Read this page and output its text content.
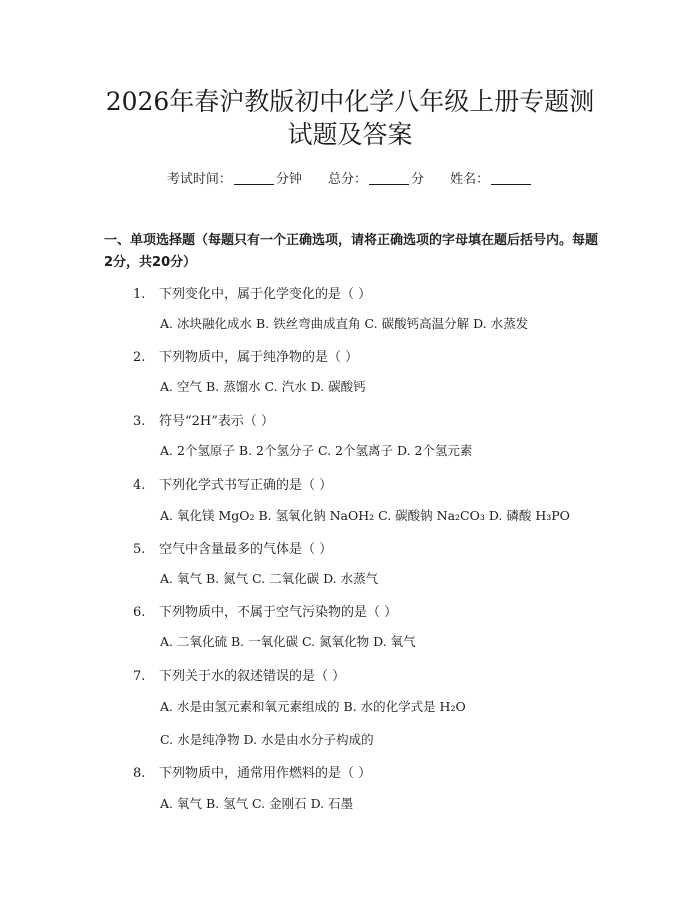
2026年春沪教版初中化学八年级上册专题测
试题及答案
考试时间：	分钟 总分：	分 姓名：
一、单项选择题（每题只有一个正确选项，请将正确选项的字母填在题后括号内。每题2分，共20分）
1. 下列变化中，属于化学变化的是（ ）
A. 冰块融化成水 B. 铁丝弯曲成直角 C. 碳酸钙高温分解 D. 水蒸发
2. 下列物质中，属于纯净物的是（ ）
A. 空气 B. 蒸馏水 C. 汽水 D. 碳酸钙
3. 符号“2H”表示（ ）
A. 2个氢原子 B. 2个氢分子 C. 2个氢离子 D. 2个氢元素
4. 下列化学式书写正确的是（ ）
A. 氧化镁 MgO₂ B. 氢氧化钠 NaOH₂ C. 碳酸钠 Na₂CO₃ D. 磷酸 H₃PO
5. 空气中含量最多的气体是（ ）
A. 氧气 B. 氮气 C. 二氧化碳 D. 水蒸气
6. 下列物质中，不属于空气污染物的是（ ）
A. 二氧化硫 B. 一氧化碳 C. 氮氧化物 D. 氧气
7. 下列关于水的叙述错误的是（ ）
A. 水是由氢元素和氧元素组成的 B. 水的化学式是 H₂O
C. 水是纯净物 D. 水是由水分子构成的
8. 下列物质中，通常用作燃料的是（ ）
A. 氧气 B. 氢气 C. 金刚石 D. 石墨
